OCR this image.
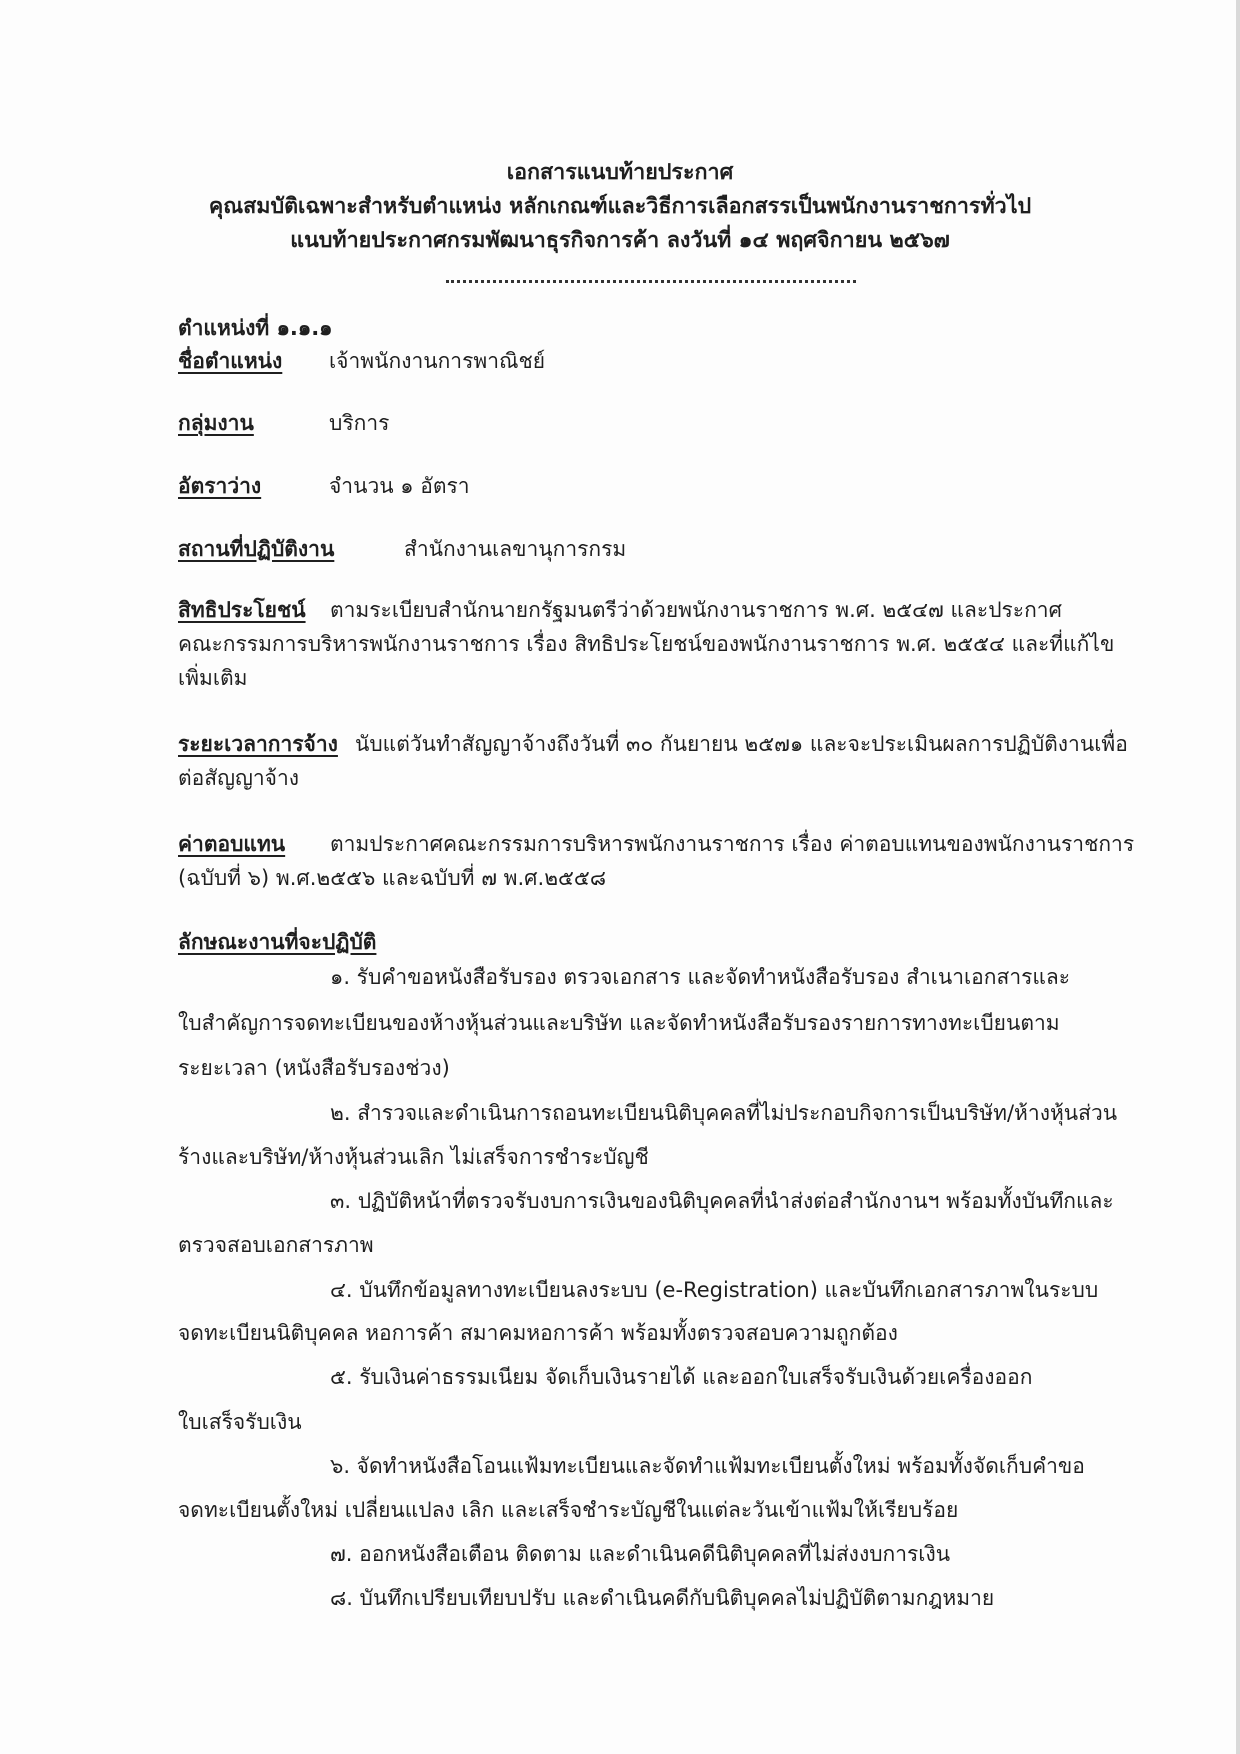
เอกสารแนบท้ายประกาศ
คุณสมบัติเฉพาะสำหรับตำแหน่ง หลักเกณฑ์และวิธีการเลือกสรรเป็นพนักงานราชการทั่วไป
แนบท้ายประกาศกรมพัฒนาธุรกิจการค้า ลงวันที่ ๑๔ พฤศจิกายน ๒๕๖๗
ตำแหน่งที่ ๑.๑.๑
ชื่อตำแหน่ง เจ้าพนักงานการพาณิชย์
กลุ่มงาน	บริการ
อัตราว่าง	จำนวน ๑ อัตรา
สถานที่ปฏิบัติงาน	สำนักงานเลขานุการกรม
สิทธิประโยชน์ ตามระเบียบสำนักนายกรัฐมนตรีว่าด้วยพนักงานราชการ พ.ศ. ๒๕๔๗ และประกาศ
คณะกรรมการบริหารพนักงานราชการ เรื่อง สิทธิประโยชน์ของพนักงานราชการ พ.ศ. ๒๕๕๔ และที่แก้ไข
เพิ่มเติม
ระยะเวลาการจ้าง นับแต่วันทำสัญญาจ้างถึงวันที่ ๓๐ กันยายน ๒๕๗๑ และจะประเมินผลการปฏิบัติงานเพื่อ
ต่อสัญญาจ้าง
ค่าตอบแทน ตามประกาศคณะกรรมการบริหารพนักงานราชการ เรื่อง ค่าตอบแทนของพนักงานราชการ
(ฉบับที่ ๖) พ.ศ.๒๕๕๖ และฉบับที่ ๗ พ.ศ.๒๕๕๘
ลักษณะงานที่จะปฏิบัติ
๑. รับคำขอหนังสือรับรอง ตรวจเอกสาร และจัดทำหนังสือรับรอง สำเนาเอกสารและ
ใบสำคัญการจดทะเบียนของห้างหุ้นส่วนและบริษัท และจัดทำหนังสือรับรองรายการทางทะเบียนตาม
ระยะเวลา (หนังสือรับรองช่วง)
๒. สำรวจและดำเนินการถอนทะเบียนนิติบุคคลที่ไม่ประกอบกิจการเป็นบริษัท/ห้างหุ้นส่วน
ร้างและบริษัท/ห้างหุ้นส่วนเลิก ไม่เสร็จการชำระบัญชี
๓. ปฏิบัติหน้าที่ตรวจรับงบการเงินของนิติบุคคลที่นำส่งต่อสำนักงานฯ พร้อมทั้งบันทึกและ
ตรวจสอบเอกสารภาพ
๔. บันทึกข้อมูลทางทะเบียนลงระบบ (e-Registration) และบันทึกเอกสารภาพในระบบ
จดทะเบียนนิติบุคคล หอการค้า สมาคมหอการค้า พร้อมทั้งตรวจสอบความถูกต้อง
๕. รับเงินค่าธรรมเนียม จัดเก็บเงินรายได้ และออกใบเสร็จรับเงินด้วยเครื่องออก
ใบเสร็จรับเงิน
๖. จัดทำหนังสือโอนแฟ้มทะเบียนและจัดทำแฟ้มทะเบียนตั้งใหม่ พร้อมทั้งจัดเก็บคำขอ
จดทะเบียนตั้งใหม่ เปลี่ยนแปลง เลิก และเสร็จชำระบัญชีในแต่ละวันเข้าแฟ้มให้เรียบร้อย
๗. ออกหนังสือเตือน ติดตาม และดำเนินคดีนิติบุคคลที่ไม่ส่งงบการเงิน
๘. บันทึกเปรียบเทียบปรับ และดำเนินคดีกับนิติบุคคลไม่ปฏิบัติตามกฎหมาย
